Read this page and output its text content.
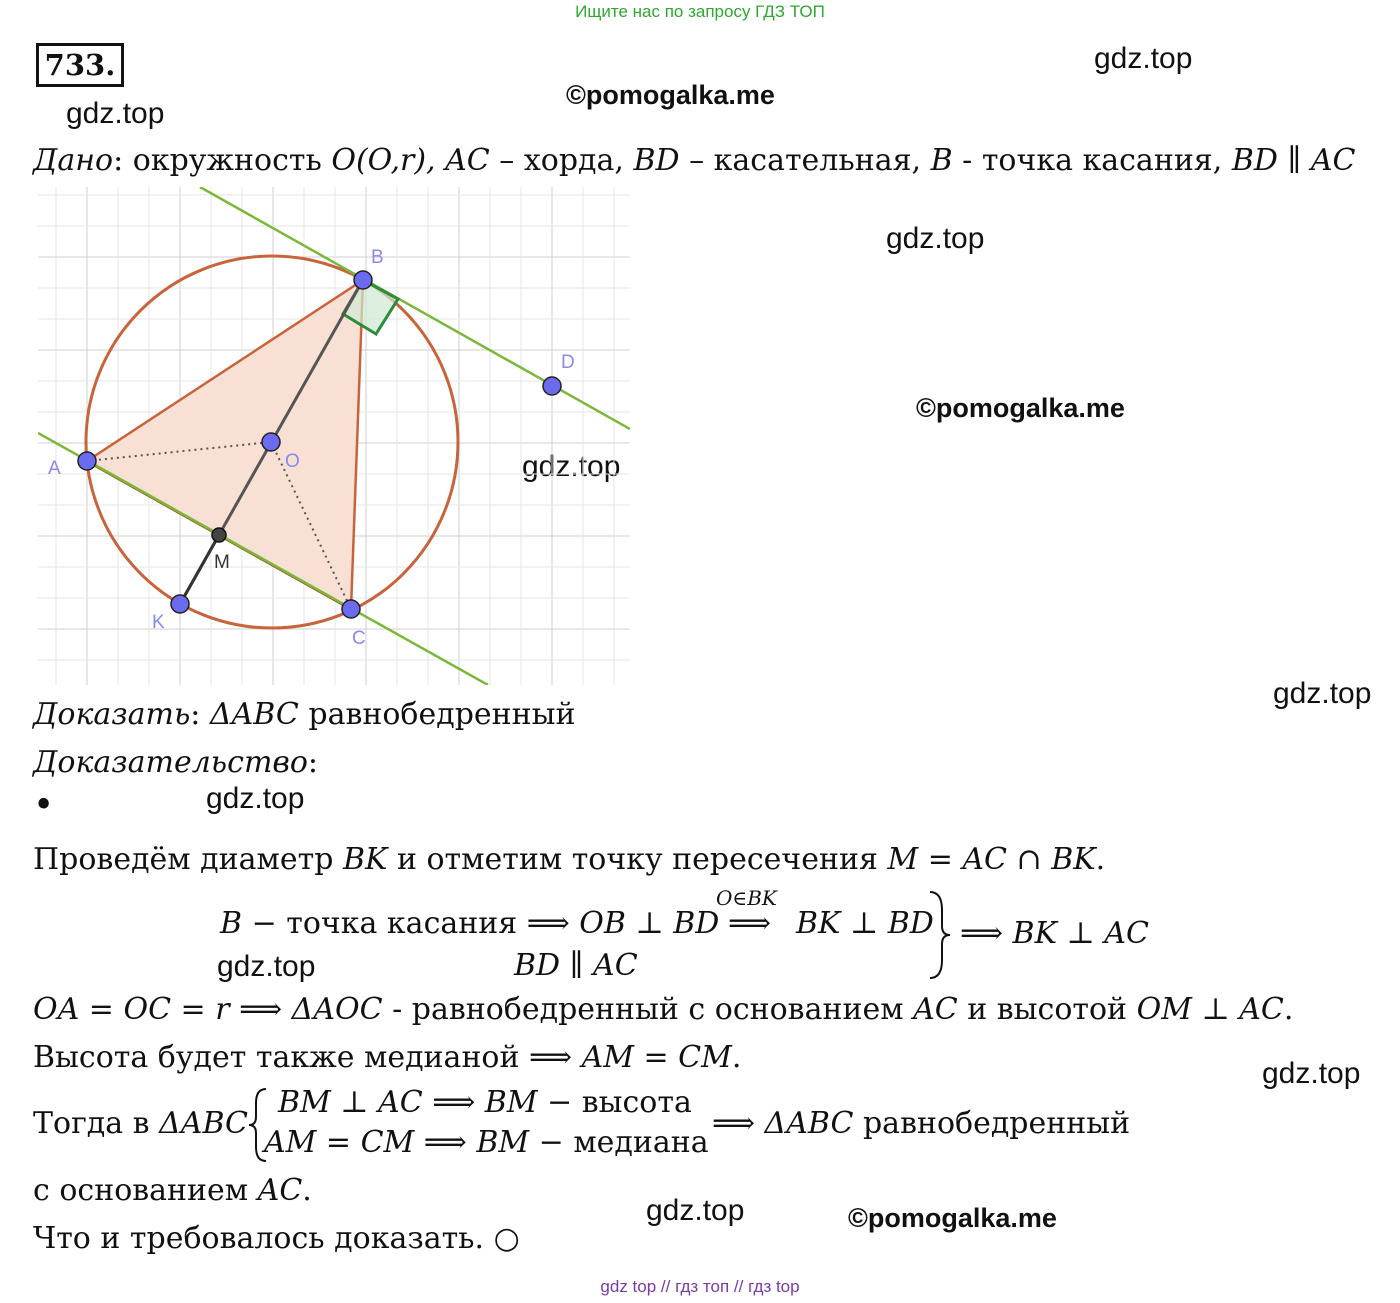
Ищите нас по запросу ГДЗ ТОП
733.	gdz.top
©pomogalka.me
gdz.top
gdz.top
©pomogalka.me
gdz.top
gdz.top
gdz.top
gdz.top
gdz.top
gdz.top	©pomogalka.me
Дано: окружность O(O,r), AC – хорда, BD – касательная, B - точка касания, BD ∥ AC
A
B
C
D
O
K
M
Доказать: ΔABC равнобедренный
Доказательство:
•
Проведём диаметр BK и отметим точку пересечения M = AC ∩ BK.
B − точка касания ⟹ OB ⊥ BD
O∈BK
⟹ BK ⊥ BD
BD ∥ AC
⟹ BK ⊥ AC
OA = OC = r ⟹ ΔAOC - равнобедренный с основанием AC и высотой OM ⊥ AC.
Высота будет также медианой ⟹ AM = CM.
Тогда в ΔABC
BM ⊥ AC ⟹ BM − высота
AM = CM ⟹ BM − медиана
⟹ ΔABC равнобедренный
с основанием AC.
Что и требовалось доказать. ○
gdz top // гдз топ // гдз top
